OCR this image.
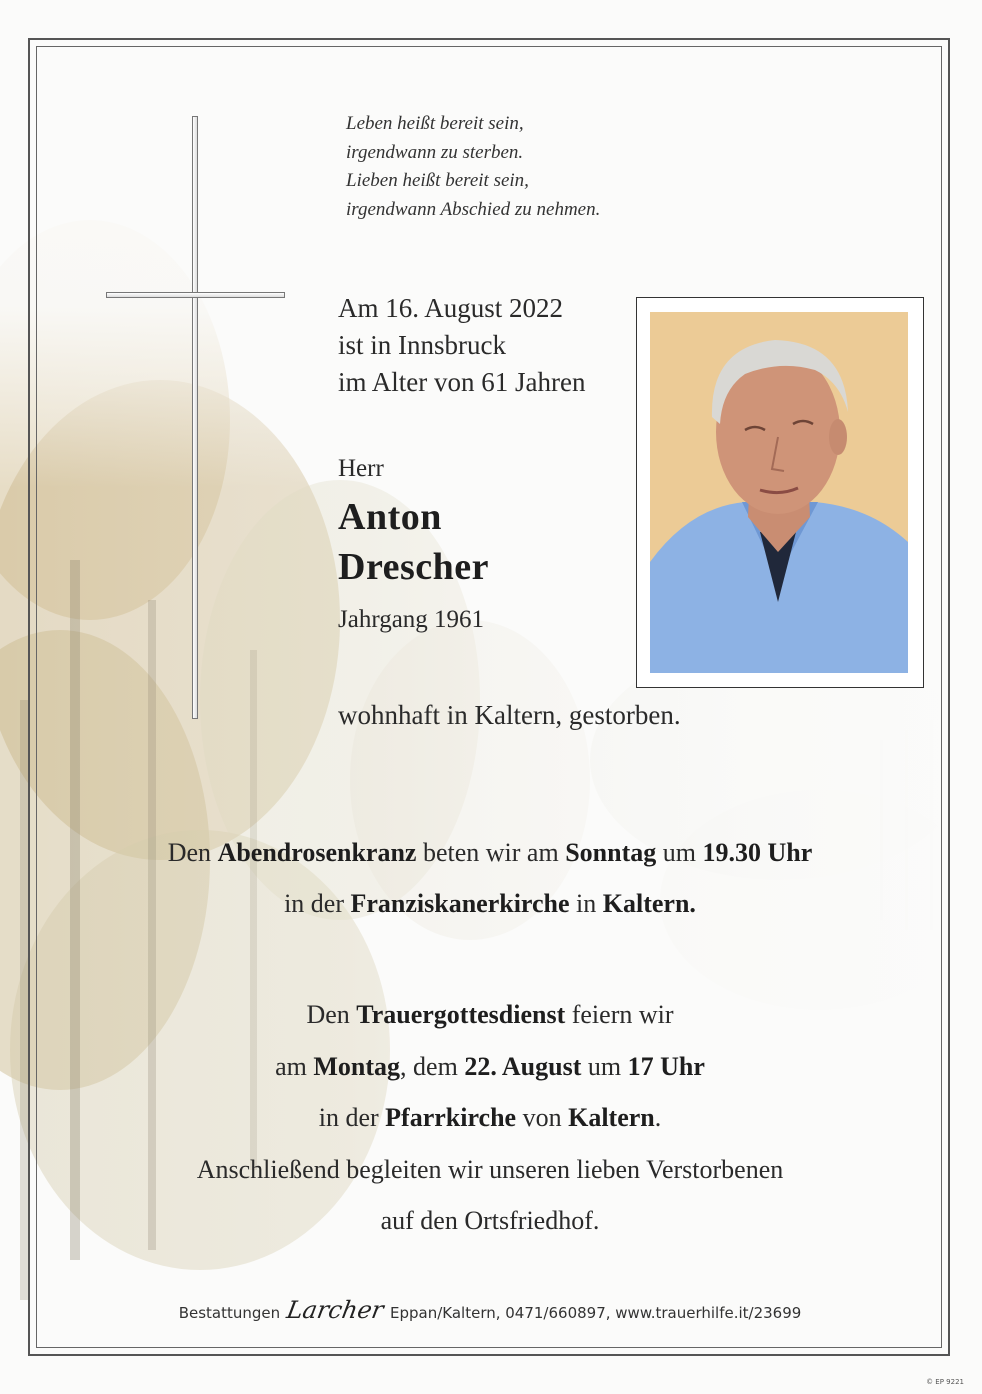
Leben heißt bereit sein,
irgendwann zu sterben.
Lieben heißt bereit sein,
irgendwann Abschied zu nehmen.
Am 16. August 2022
ist in Innsbruck
im Alter von 61 Jahren
Herr
Anton
Drescher
Jahrgang 1961
wohnhaft in Kaltern, gestorben.
Den Abendrosenkranz beten wir am Sonntag um 19.30 Uhr
in der Franziskanerkirche in Kaltern.
Den Trauergottesdienst feiern wir
am Montag, dem 22. August um 17 Uhr
in der Pfarrkirche von Kaltern.
Anschließend begleiten wir unseren lieben Verstorbenen
auf den Ortsfriedhof.
Bestattungen Larcher Eppan/Kaltern, 0471/660897, www.trauerhilfe.it/23699
© EP 9221
